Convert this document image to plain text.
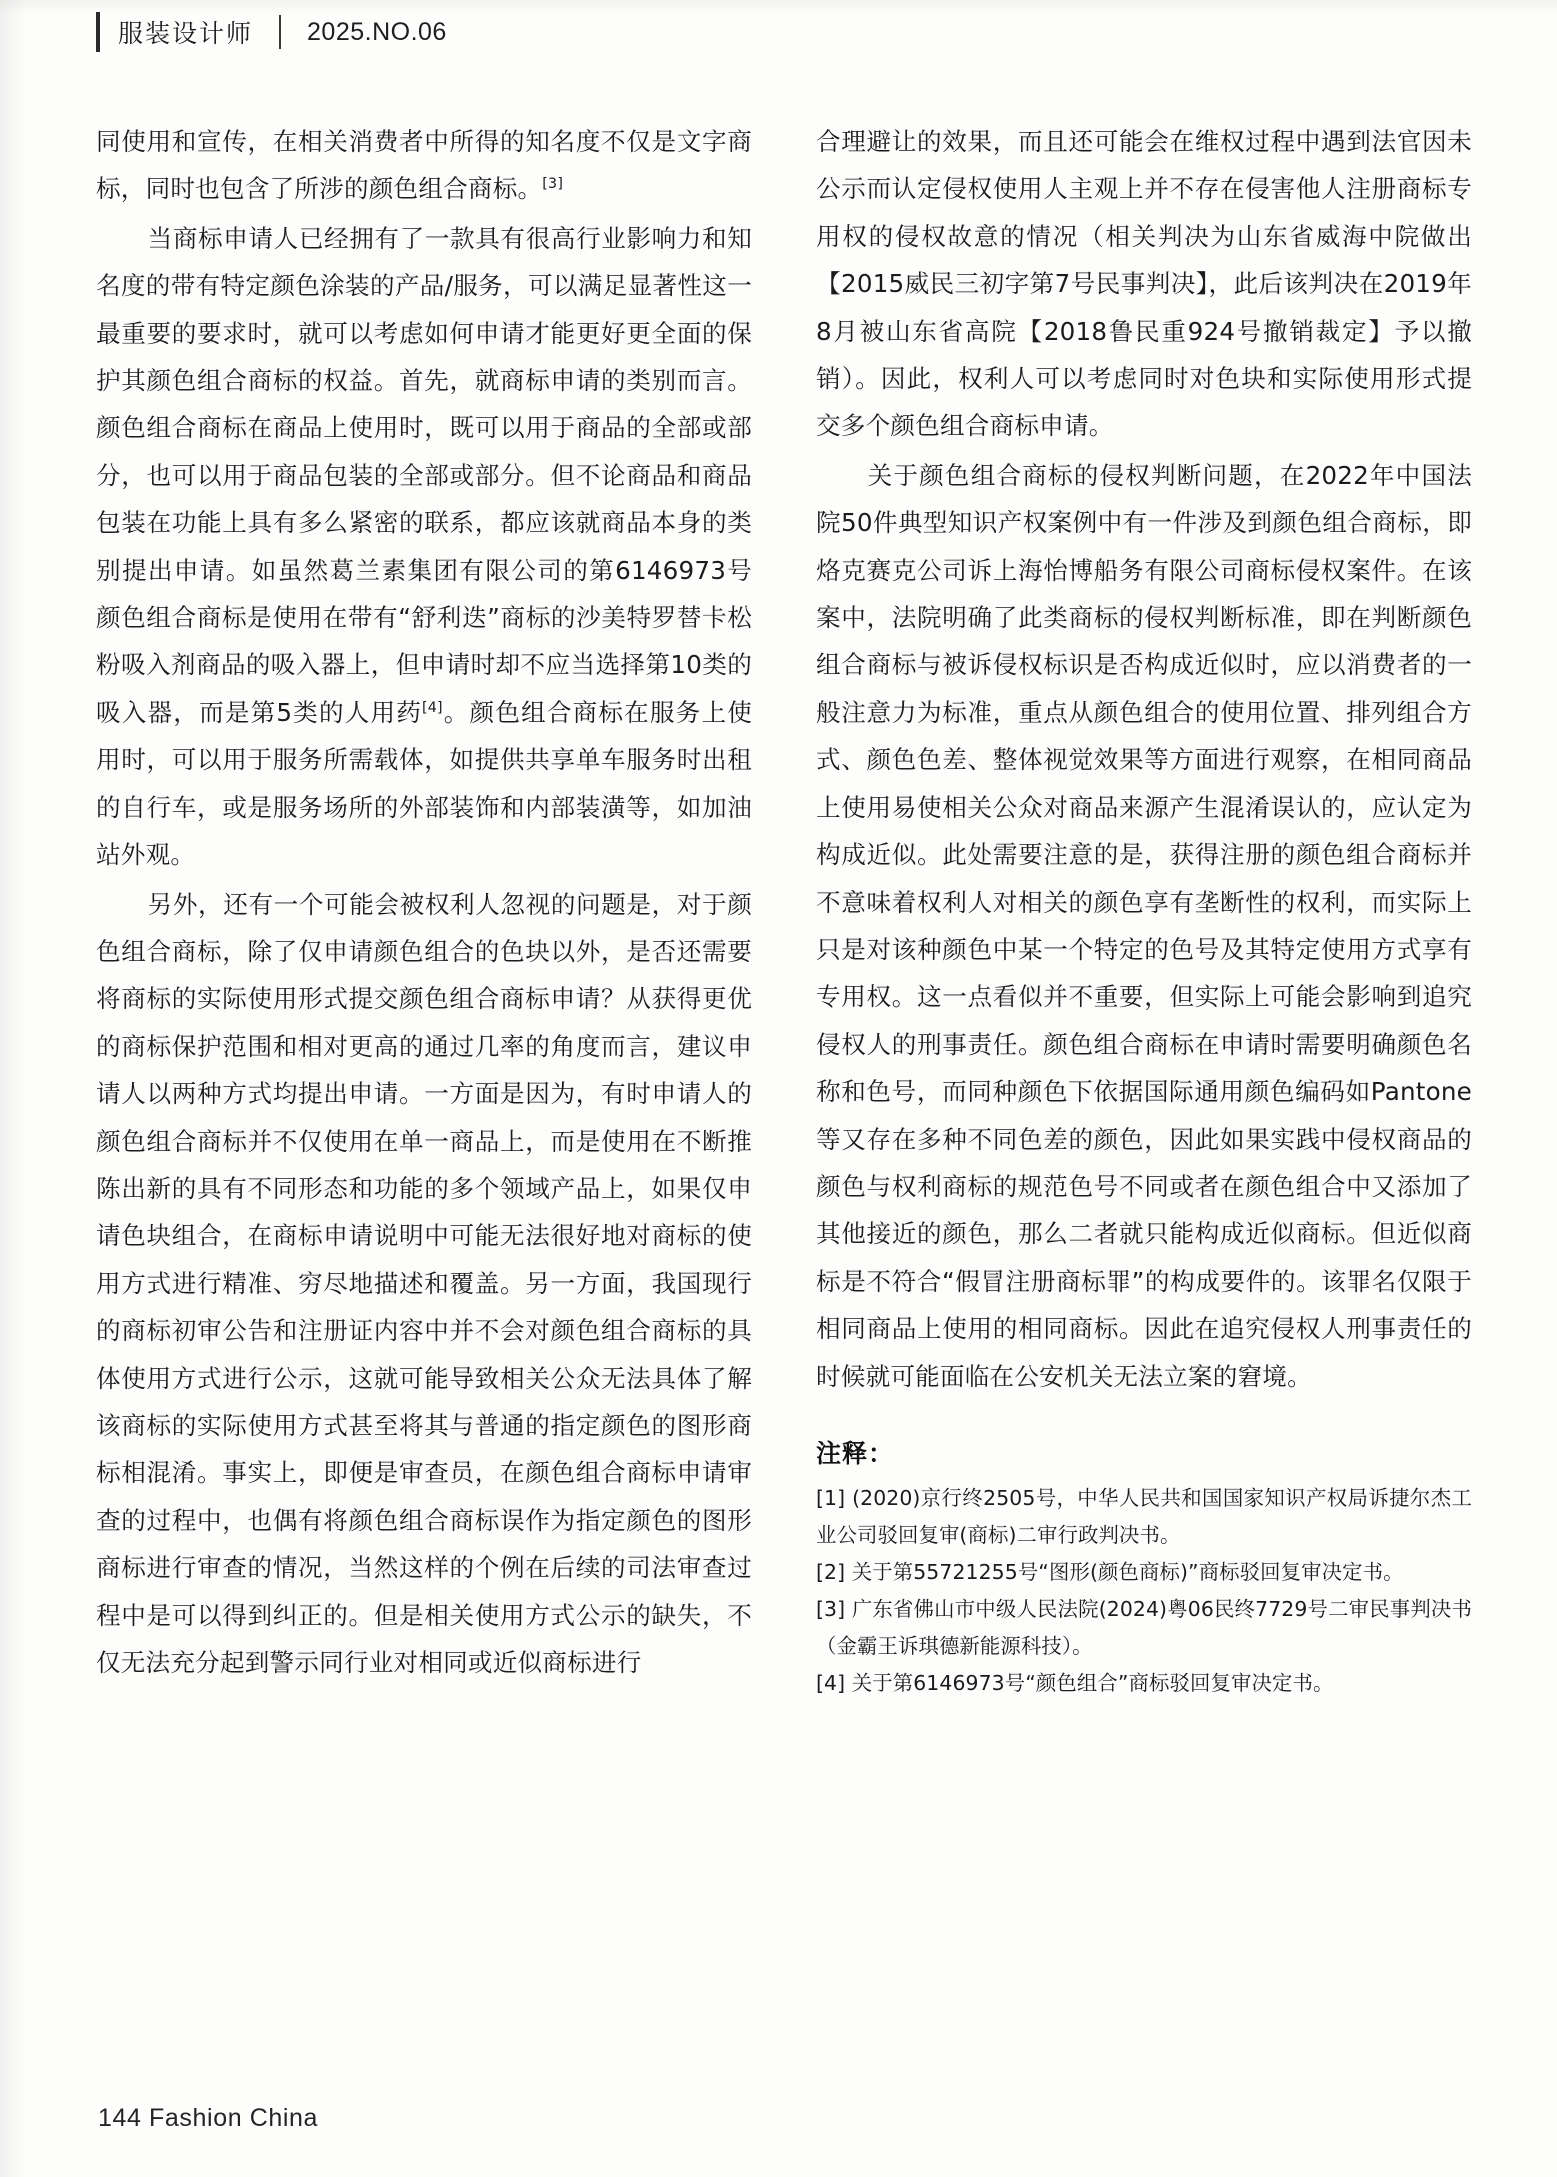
服装设计师 2025.NO.06

同使用和宣传，在相关消费者中所得的知名度不仅是文字商标，同时也包含了所涉的颜色组合商标。[3]

当商标申请人已经拥有了一款具有很高行业影响力和知名度的带有特定颜色涂装的产品/服务，可以满足显著性这一最重要的要求时，就可以考虑如何申请才能更好更全面的保护其颜色组合商标的权益。首先，就商标申请的类别而言。颜色组合商标在商品上使用时，既可以用于商品的全部或部分，也可以用于商品包装的全部或部分。但不论商品和商品包装在功能上具有多么紧密的联系，都应该就商品本身的类别提出申请。如虽然葛兰素集团有限公司的第6146973号颜色组合商标是使用在带有“舒利迭”商标的沙美特罗替卡松粉吸入剂商品的吸入器上，但申请时却不应当选择第10类的吸入器，而是第5类的人用药[4]。颜色组合商标在服务上使用时，可以用于服务所需载体，如提供共享单车服务时出租的自行车，或是服务场所的外部装饰和内部装潢等，如加油站外观。

另外，还有一个可能会被权利人忽视的问题是，对于颜色组合商标，除了仅申请颜色组合的色块以外，是否还需要将商标的实际使用形式提交颜色组合商标申请？从获得更优的商标保护范围和相对更高的通过几率的角度而言，建议申请人以两种方式均提出申请。一方面是因为，有时申请人的颜色组合商标并不仅使用在单一商品上，而是使用在不断推陈出新的具有不同形态和功能的多个领域产品上，如果仅申请色块组合，在商标申请说明中可能无法很好地对商标的使用方式进行精准、穷尽地描述和覆盖。另一方面，我国现行的商标初审公告和注册证内容中并不会对颜色组合商标的具体使用方式进行公示，这就可能导致相关公众无法具体了解该商标的实际使用方式甚至将其与普通的指定颜色的图形商标相混淆。事实上，即便是审查员，在颜色组合商标申请审查的过程中，也偶有将颜色组合商标误作为指定颜色的图形商标进行审查的情况，当然这样的个例在后续的司法审查过程中是可以得到纠正的。但是相关使用方式公示的缺失，不仅无法充分起到警示同行业对相同或近似商标进行

合理避让的效果，而且还可能会在维权过程中遇到法官因未公示而认定侵权使用人主观上并不存在侵害他人注册商标专用权的侵权故意的情况（相关判决为山东省威海中院做出【2015威民三初字第7号民事判决】，此后该判决在2019年8月被山东省高院【2018鲁民重924号撤销裁定】予以撤销）。因此，权利人可以考虑同时对色块和实际使用形式提交多个颜色组合商标申请。

关于颜色组合商标的侵权判断问题，在2022年中国法院50件典型知识产权案例中有一件涉及到颜色组合商标，即烙克赛克公司诉上海怡博船务有限公司商标侵权案件。在该案中，法院明确了此类商标的侵权判断标准，即在判断颜色组合商标与被诉侵权标识是否构成近似时，应以消费者的一般注意力为标准，重点从颜色组合的使用位置、排列组合方式、颜色色差、整体视觉效果等方面进行观察，在相同商品上使用易使相关公众对商品来源产生混淆误认的，应认定为构成近似。此处需要注意的是，获得注册的颜色组合商标并不意味着权利人对相关的颜色享有垄断性的权利，而实际上只是对该种颜色中某一个特定的色号及其特定使用方式享有专用权。这一点看似并不重要，但实际上可能会影响到追究侵权人的刑事责任。颜色组合商标在申请时需要明确颜色名称和色号，而同种颜色下依据国际通用颜色编码如Pantone等又存在多种不同色差的颜色，因此如果实践中侵权商品的颜色与权利商标的规范色号不同或者在颜色组合中又添加了其他接近的颜色，那么二者就只能构成近似商标。但近似商标是不符合“假冒注册商标罪”的构成要件的。该罪名仅限于相同商品上使用的相同商标。因此在追究侵权人刑事责任的时候就可能面临在公安机关无法立案的窘境。

注释：

[1] (2020)京行终2505号，中华人民共和国国家知识产权局诉捷尔杰工业公司驳回复审(商标)二审行政判决书。

[2] 关于第55721255号“图形(颜色商标)”商标驳回复审决定书。

[3] 广东省佛山市中级人民法院(2024)粤06民终7729号二审民事判决书（金霸王诉琪德新能源科技）。

[4] 关于第6146973号“颜色组合”商标驳回复审决定书。

144 Fashion China
